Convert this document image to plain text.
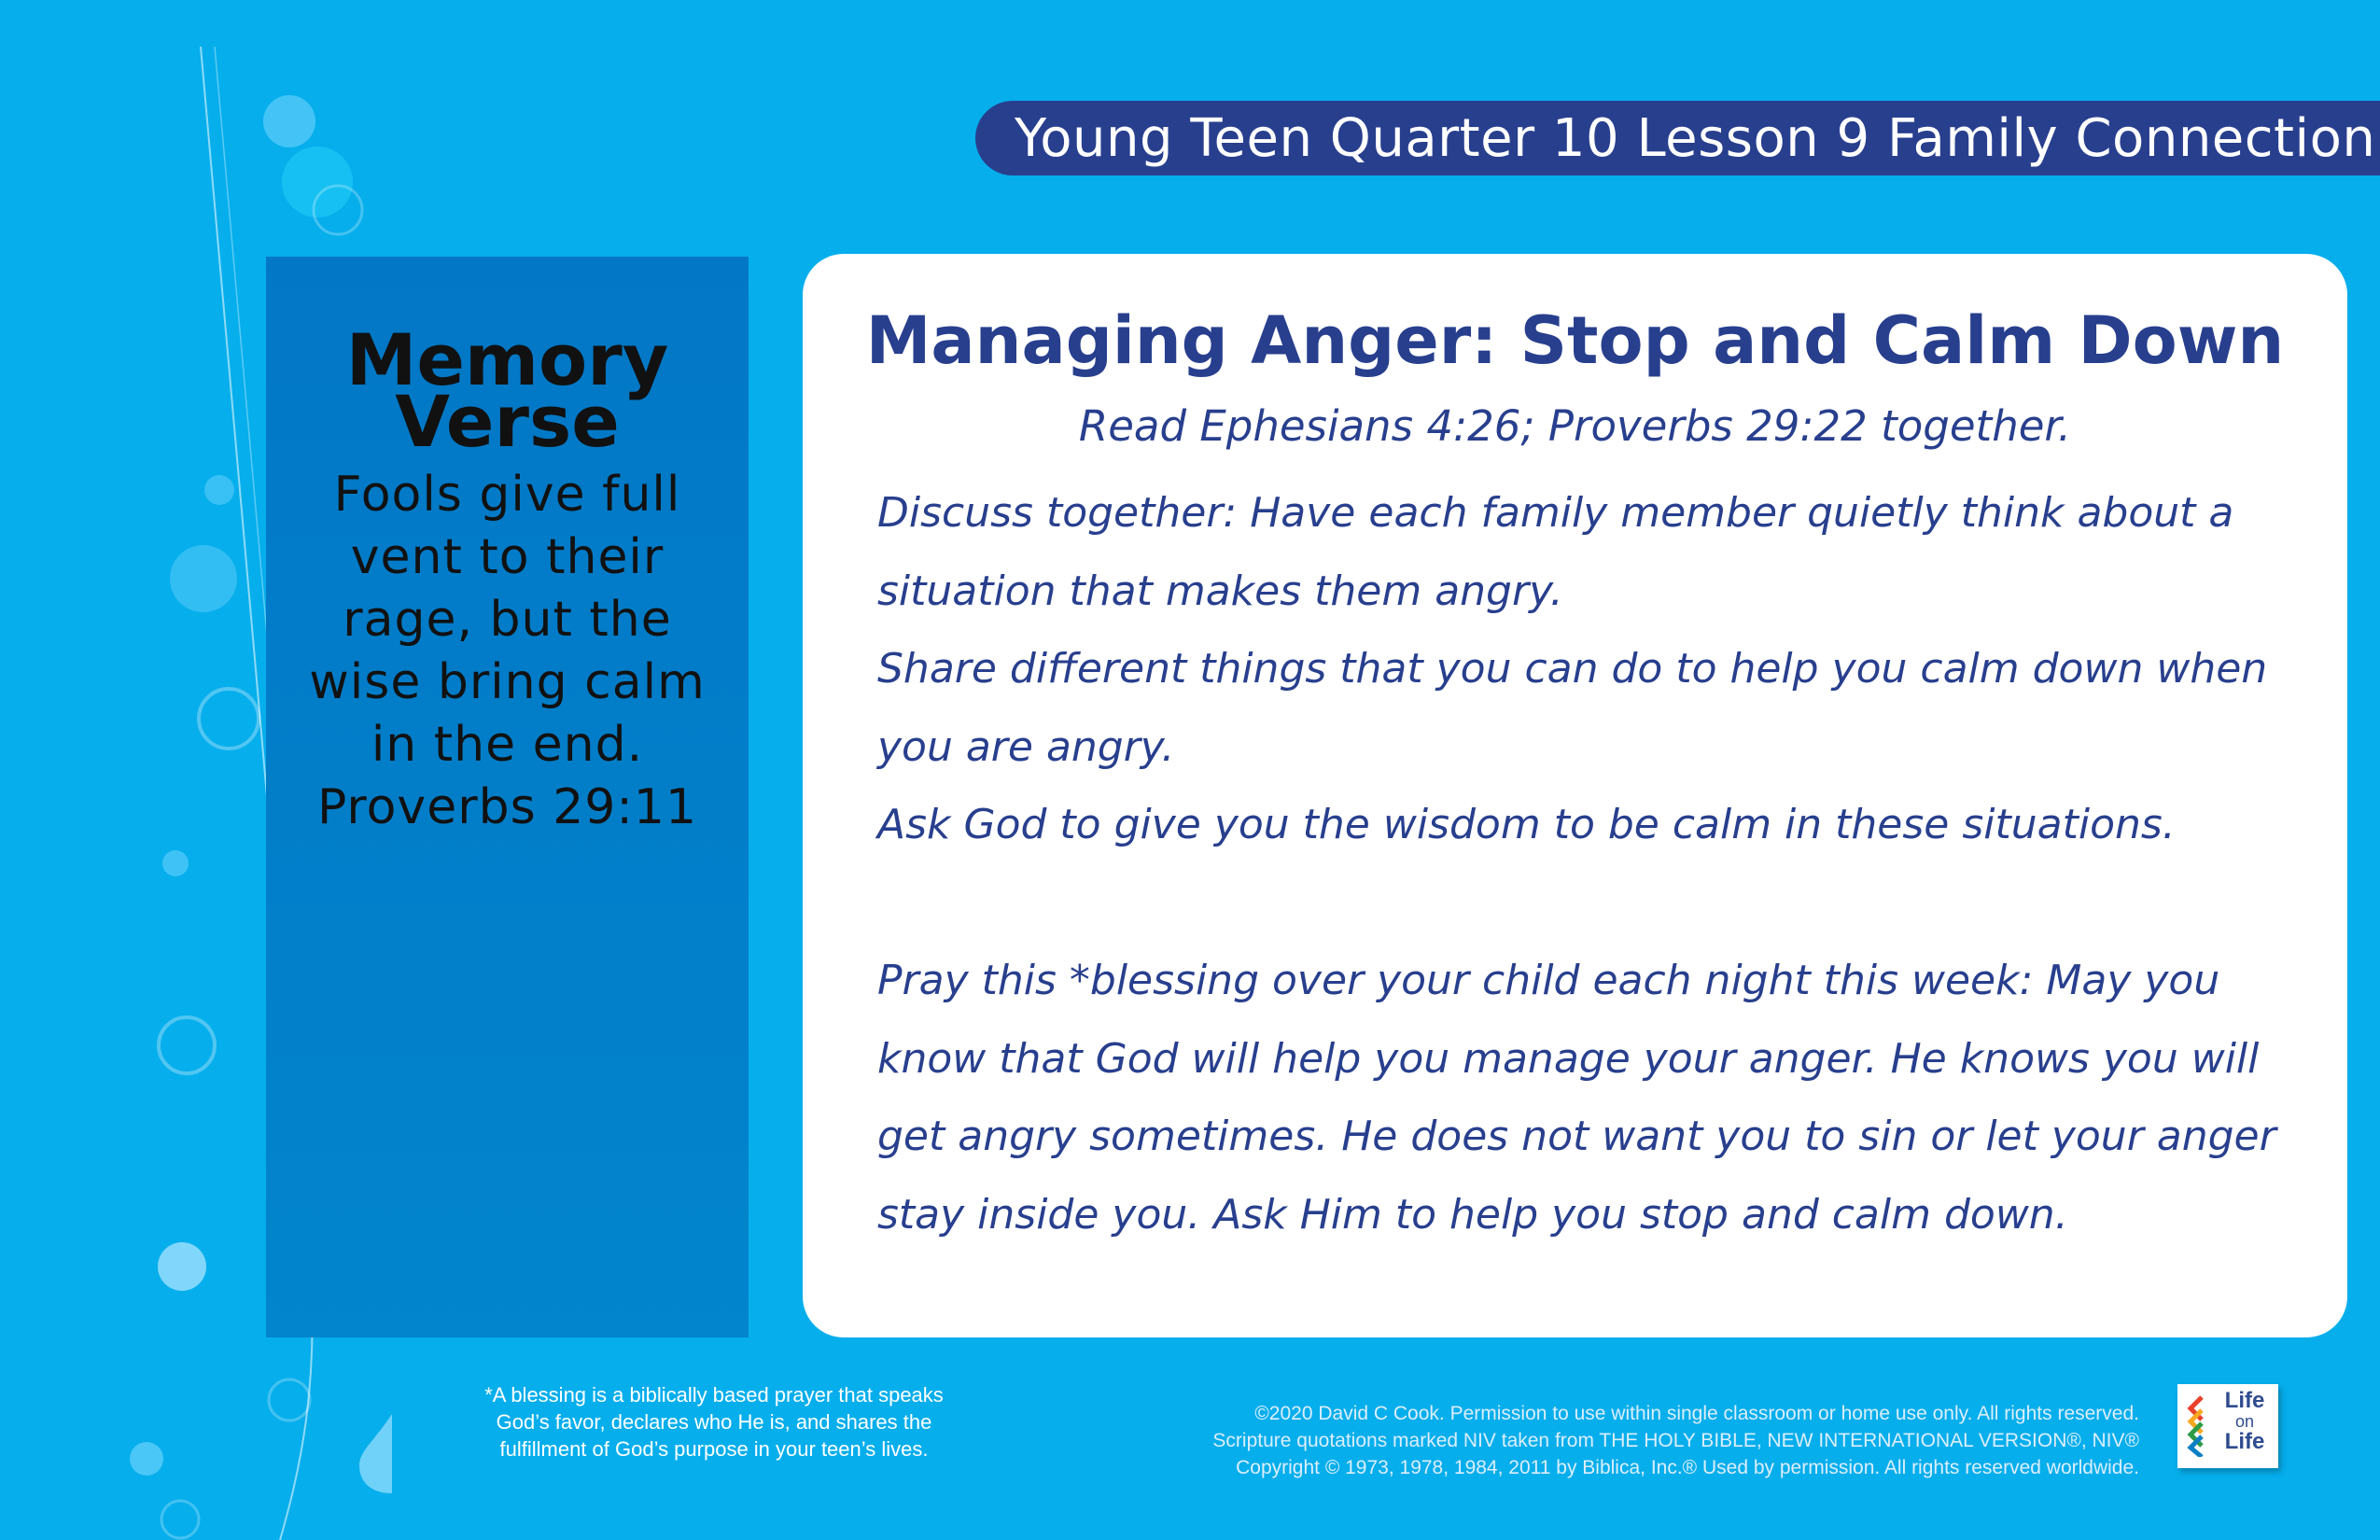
Young Teen Quarter 10 Lesson 9 Family Connection
Memory
Verse
Fools give full
vent to their
rage, but the
wise bring calm
in the end.
Proverbs 29:11
Managing Anger: Stop and Calm Down
Read Ephesians 4:26; Proverbs 29:22 together.

Discuss together: Have each family member quietly think about a situation that makes them angry.

Share different things that you can do to help you calm down when you are angry.

Ask God to give you the wisdom to be calm in these situations.

Pray this *blessing over your child each night this week: May you know that God will help you manage your anger. He knows you will get angry sometimes. He does not want you to sin or let your anger stay inside you. Ask Him to help you stop and calm down.

*A blessing is a biblically based prayer that speaks
God’s favor, declares who He is, and shares the
fulfillment of God’s purpose in your teen’s lives.
©2020 David C Cook. Permission to use within single classroom or home use only. All rights reserved.
Scripture quotations marked NIV taken from THE HOLY BIBLE, NEW INTERNATIONAL VERSION®, NIV®
Copyright © 1973, 1978, 1984, 2011 by Biblica, Inc.® Used by permission. All rights reserved worldwide.
Life
on
Life
